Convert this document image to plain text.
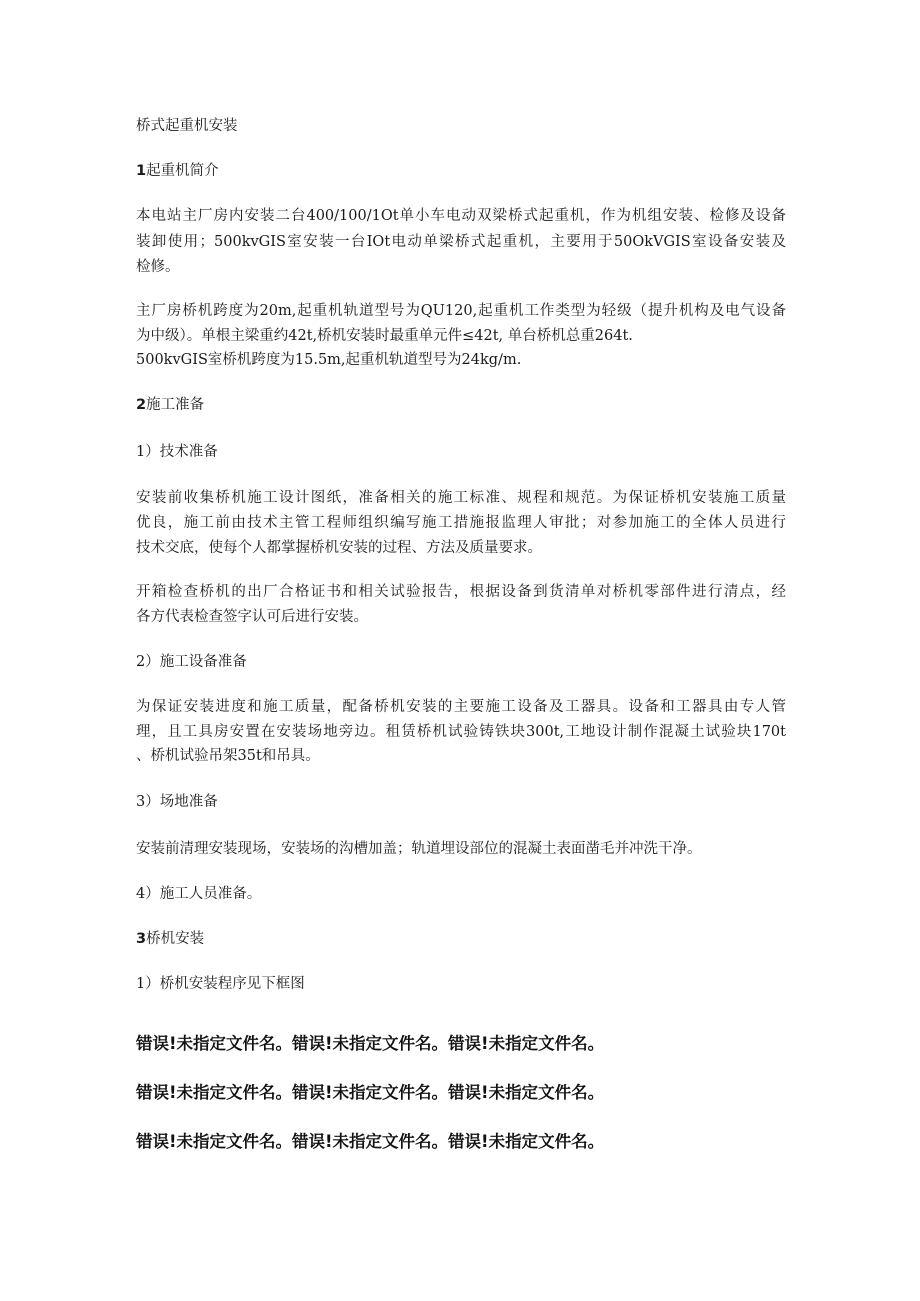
桥式起重机安装
1起重机简介
本电站主厂房内安装二台400/100/1Ot单小车电动双梁桥式起重机，作为机组安装、检修及设备
装卸使用；500kvGIS室安装一台IOt电动单梁桥式起重机，主要用于50OkVGIS室设备安装及
检修。
主厂房桥机跨度为20m,起重机轨道型号为QU120,起重机工作类型为轻级（提升机构及电气设备
为中级）。单根主梁重约42t,桥机安装时最重单元件≤42t, 单台桥机总重264t.
500kvGIS室桥机跨度为15.5m,起重机轨道型号为24kg∕m.
2施工准备
1）技术准备
安装前收集桥机施工设计图纸，准备相关的施工标准、规程和规范。为保证桥机安装施工质量
优良，施工前由技术主管工程师组织编写施工措施报监理人审批；对参加施工的全体人员进行
技术交底，使每个人都掌握桥机安装的过程、方法及质量要求。
开箱检查桥机的出厂合格证书和相关试验报告，根据设备到货清单对桥机零部件进行清点，经
各方代表检查签字认可后进行安装。
2）施工设备准备
为保证安装进度和施工质量，配备桥机安装的主要施工设备及工器具。设备和工器具由专人管
理，且工具房安置在安装场地旁边。租赁桥机试验铸铁块300t,工地设计制作混凝土试验块170t
、桥机试验吊架35t和吊具。
3）场地准备
安装前清理安装现场，安装场的沟槽加盖；轨道埋设部位的混凝土表面凿毛并冲洗干净。
4）施工人员准备。
3桥机安装
1）桥机安装程序见下框图
错误!未指定文件名。错误!未指定文件名。错误!未指定文件名。
错误!未指定文件名。错误!未指定文件名。错误!未指定文件名。
错误!未指定文件名。错误!未指定文件名。错误!未指定文件名。
